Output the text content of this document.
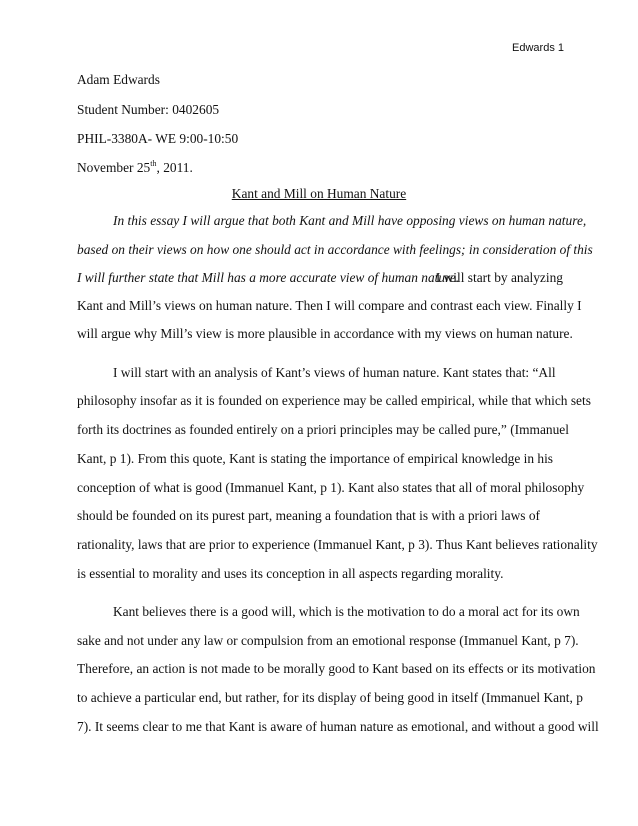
Edwards 1
Adam Edwards
Student Number: 0402605
PHIL-3380A- WE 9:00-10:50
November 25th, 2011.
Kant and Mill on Human Nature
In this essay I will argue that both Kant and Mill have opposing views on human nature,
based on their views on how one should act in accordance with feelings; in consideration of this
I will further state that Mill has a more accurate view of human nature.
I will start by analyzing
Kant and Mill’s views on human nature. Then I will compare and contrast each view. Finally I
will argue why Mill’s view is more plausible in accordance with my views on human nature.
I will start with an analysis of Kant’s views of human nature. Kant states that: “All
philosophy insofar as it is founded on experience may be called empirical, while that which sets
forth its doctrines as founded entirely on a priori principles may be called pure,” (Immanuel
Kant, p 1). From this quote, Kant is stating the importance of empirical knowledge in his
conception of what is good (Immanuel Kant, p 1). Kant also states that all of moral philosophy
should be founded on its purest part, meaning a foundation that is with a priori laws of
rationality, laws that are prior to experience (Immanuel Kant, p 3). Thus Kant believes rationality
is essential to morality and uses its conception in all aspects regarding morality.
Kant believes there is a good will, which is the motivation to do a moral act for its own
sake and not under any law or compulsion from an emotional response (Immanuel Kant, p 7).
Therefore, an action is not made to be morally good to Kant based on its effects or its motivation
to achieve a particular end, but rather, for its display of being good in itself (Immanuel Kant, p
7). It seems clear to me that Kant is aware of human nature as emotional, and without a good will
